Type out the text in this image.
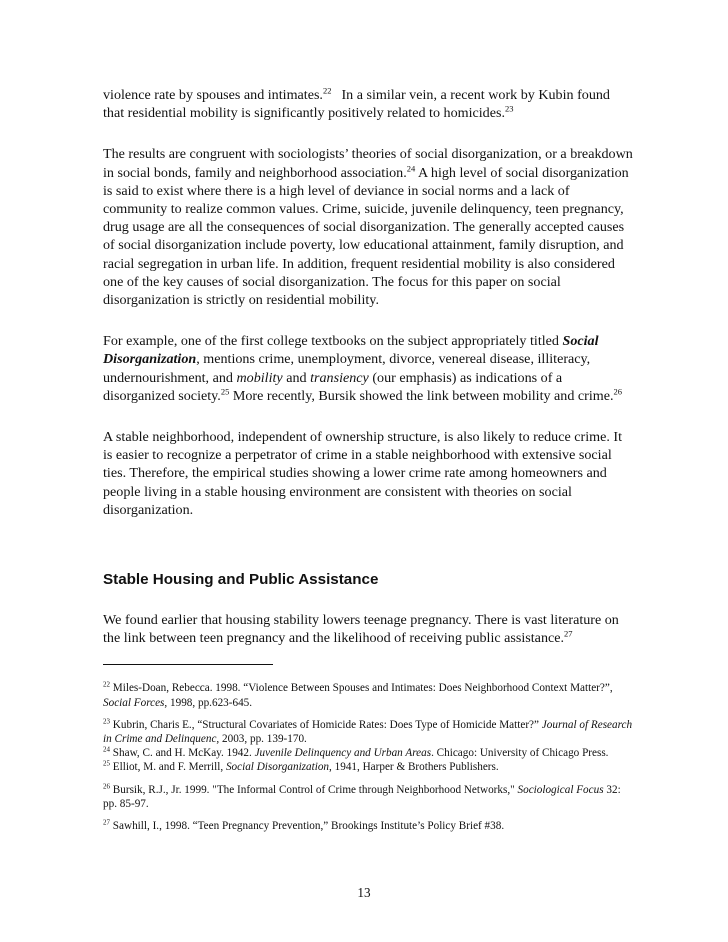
violence rate by spouses and intimates.$^{22}$ In a similar vein, a recent work by Kubin found that residential mobility is significantly positively related to homicides.$^{23}$

The results are congruent with sociologists’ theories of social disorganization, or a breakdown in social bonds, family and neighborhood association.$^{24}$ A high level of social disorganization is said to exist where there is a high level of deviance in social norms and a lack of community to realize common values. Crime, suicide, juvenile delinquency, teen pregnancy, drug usage are all the consequences of social disorganization. The generally accepted causes of social disorganization include poverty, low educational attainment, family disruption, and racial segregation in urban life. In addition, frequent residential mobility is also considered one of the key causes of social disorganization. The focus for this paper on social disorganization is strictly on residential mobility.

For example, one of the first college textbooks on the subject appropriately titled Social Disorganization, mentions crime, unemployment, divorce, venereal disease, illiteracy, undernourishment, and mobility and transiency (our emphasis) as indications of a disorganized society.$^{25}$ More recently, Bursik showed the link between mobility and crime.$^{26}$

A stable neighborhood, independent of ownership structure, is also likely to reduce crime. It is easier to recognize a perpetrator of crime in a stable neighborhood with extensive social ties. Therefore, the empirical studies showing a lower crime rate among homeowners and people living in a stable housing environment are consistent with theories on social disorganization.

Stable Housing and Public Assistance

We found earlier that housing stability lowers teenage pregnancy. There is vast literature on the link between teen pregnancy and the likelihood of receiving public assistance.$^{27}$

$^{22}$ Miles-Doan, Rebecca. 1998. “Violence Between Spouses and Intimates: Does Neighborhood Context Matter?”, Social Forces, 1998, pp.623-645.
$^{23}$ Kubrin, Charis E., “Structural Covariates of Homicide Rates: Does Type of Homicide Matter?” Journal of Research in Crime and Delinquenc, 2003, pp. 139-170.
$^{24}$ Shaw, C. and H. McKay. 1942. Juvenile Delinquency and Urban Areas. Chicago: University of Chicago Press.
$^{25}$ Elliot, M. and F. Merrill, Social Disorganization, 1941, Harper & Brothers Publishers.
$^{26}$ Bursik, R.J., Jr. 1999. "The Informal Control of Crime through Neighborhood Networks," Sociological Focus 32: pp. 85-97.
$^{27}$ Sawhill, I., 1998. “Teen Pregnancy Prevention,” Brookings Institute’s Policy Brief #38.
13
